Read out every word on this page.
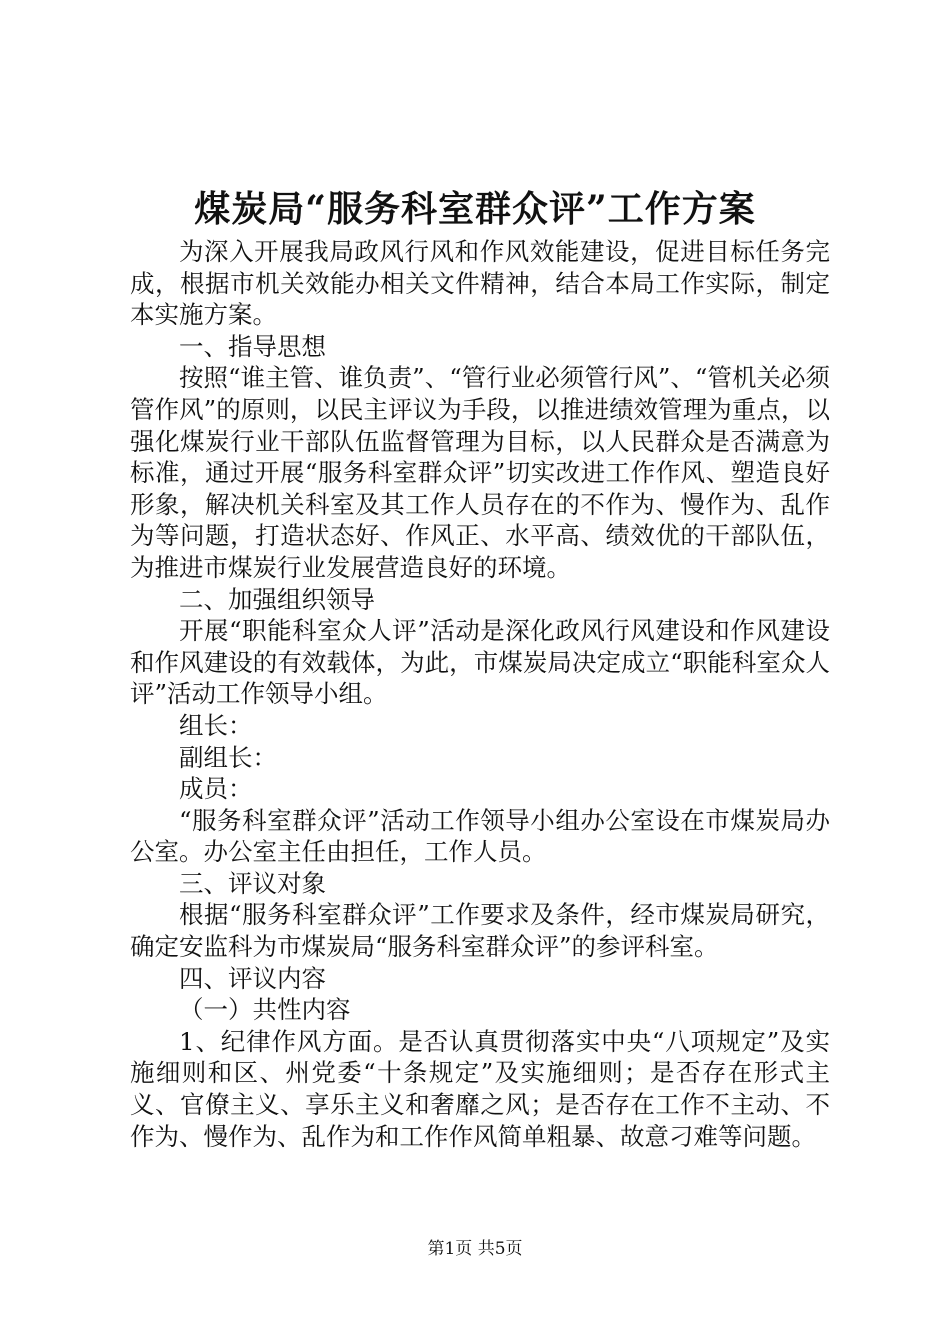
煤炭局“服务科室群众评”工作方案

为深入开展我局政风行风和作风效能建设，促进目标任务完成，根据市机关效能办相关文件精神，结合本局工作实际，制定本实施方案。

一、指导思想

按照“谁主管、谁负责”、“管行业必须管行风”、“管机关必须管作风”的原则，以民主评议为手段，以推进绩效管理为重点，以强化煤炭行业干部队伍监督管理为目标，以人民群众是否满意为标准，通过开展“服务科室群众评”切实改进工作作风、塑造良好形象，解决机关科室及其工作人员存在的不作为、慢作为、乱作为等问题，打造状态好、作风正、水平高、绩效优的干部队伍，为推进市煤炭行业发展营造良好的环境。

二、加强组织领导

开展“职能科室众人评”活动是深化政风行风建设和作风建设和作风建设的有效载体，为此，市煤炭局决定成立“职能科室众人评”活动工作领导小组。

组长：

副组长：

成员：

“服务科室群众评”活动工作领导小组办公室设在市煤炭局办公室。办公室主任由担任，工作人员。

三、评议对象

根据“服务科室群众评”工作要求及条件，经市煤炭局研究，确定安监科为市煤炭局“服务科室群众评”的参评科室。

四、评议内容

（一）共性内容

1、纪律作风方面。是否认真贯彻落实中央“八项规定”及实施细则和区、州党委“十条规定”及实施细则；是否存在形式主义、官僚主义、享乐主义和奢靡之风；是否存在工作不主动、不作为、慢作为、乱作为和工作作风简单粗暴、故意刁难等问题。

第1页 共5页
